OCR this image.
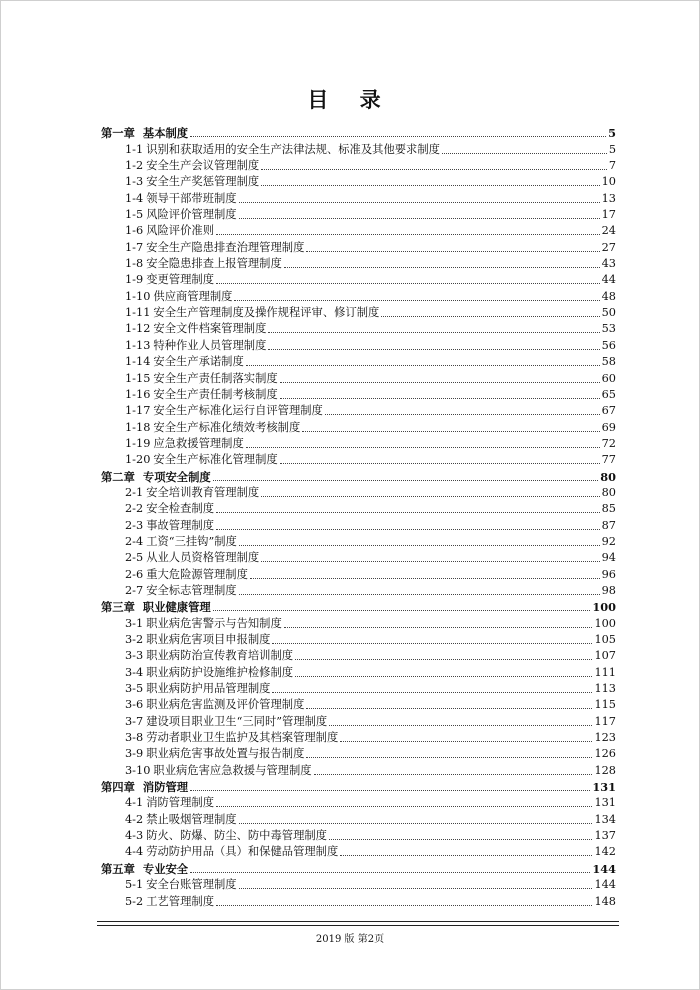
目 录
第一章 基本制度	5
1-1 识别和获取适用的安全生产法律法规、标准及其他要求制度	5
1-2 安全生产会议管理制度	7
1-3 安全生产奖惩管理制度	10
1-4 领导干部带班制度	13
1-5 风险评价管理制度	17
1-6 风险评价准则	24
1-7 安全生产隐患排查治理管理制度	27
1-8 安全隐患排查上报管理制度	43
1-9 变更管理制度	44
1-10 供应商管理制度	48
1-11 安全生产管理制度及操作规程评审、修订制度	50
1-12 安全文件档案管理制度	53
1-13 特种作业人员管理制度	56
1-14 安全生产承诺制度	58
1-15 安全生产责任制落实制度	60
1-16 安全生产责任制考核制度	65
1-17 安全生产标准化运行自评管理制度	67
1-18 安全生产标准化绩效考核制度	69
1-19 应急救援管理制度	72
1-20 安全生产标准化管理制度	77
第二章 专项安全制度	80
2-1 安全培训教育管理制度	80
2-2 安全检查制度	85
2-3 事故管理制度	87
2-4 工资“三挂钩”制度	92
2-5 从业人员资格管理制度	94
2-6 重大危险源管理制度	96
2-7 安全标志管理制度	98
第三章 职业健康管理	100
3-1 职业病危害警示与告知制度	100
3-2 职业病危害项目申报制度	105
3-3 职业病防治宣传教育培训制度	107
3-4 职业病防护设施维护检修制度	111
3-5 职业病防护用品管理制度	113
3-6 职业病危害监测及评价管理制度	115
3-7 建设项目职业卫生“三同时”管理制度	117
3-8 劳动者职业卫生监护及其档案管理制度	123
3-9 职业病危害事故处置与报告制度	126
3-10 职业病危害应急救援与管理制度	128
第四章 消防管理	131
4-1 消防管理制度	131
4-2 禁止吸烟管理制度	134
4-3 防火、防爆、防尘、防中毒管理制度	137
4-4 劳动防护用品（具）和保健品管理制度	142
第五章 专业安全	144
5-1 安全台账管理制度	144
5-2 工艺管理制度	148
2019 版 第2页
